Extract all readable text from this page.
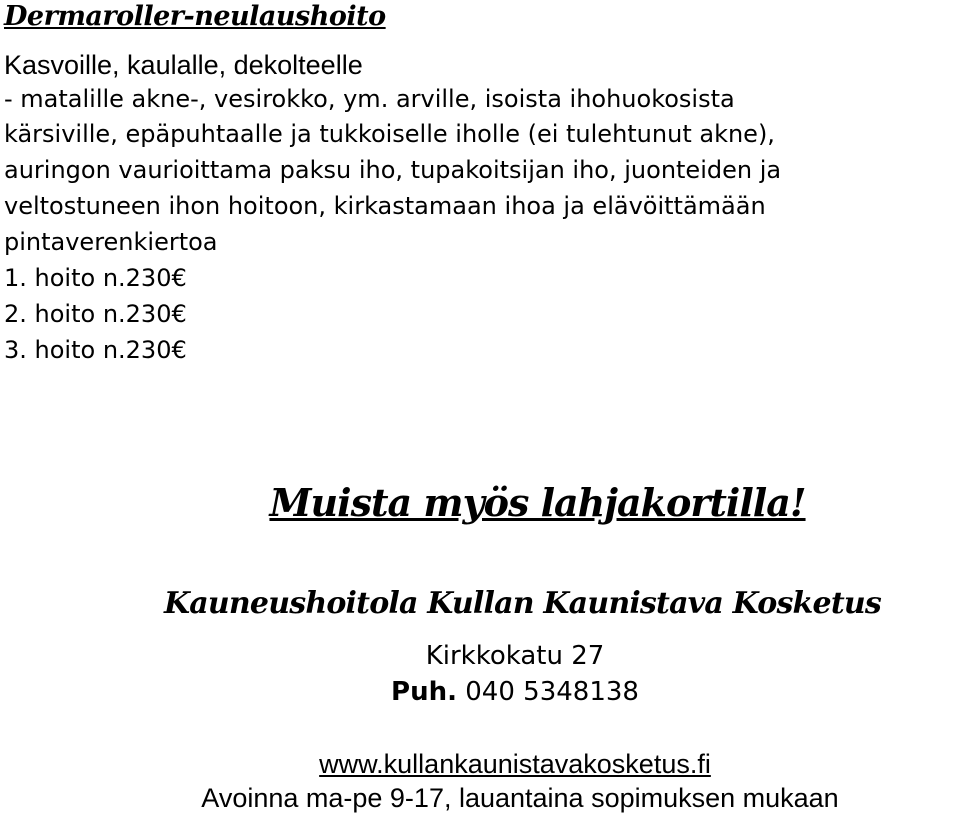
Dermaroller-neulaushoito
Kasvoille, kaulalle, dekolteelle
- matalille akne-, vesirokko, ym. arville, isoista ihohuokosista
kärsiville, epäpuhtaalle ja tukkoiselle iholle (ei tulehtunut akne),
auringon vaurioittama paksu iho, tupakoitsijan iho, juonteiden ja
veltostuneen ihon hoitoon, kirkastamaan ihoa ja elävöittämään
pintaverenkiertoa
1. hoito n.230€
2. hoito n.230€
3. hoito n.230€
Muista myös lahjakortilla!
Kauneushoitola Kullan Kaunistava Kosketus
Kirkkokatu 27
Puh. 040 5348138
www.kullankaunistavakosketus.fi
Avoinna ma-pe 9-17, lauantaina sopimuksen mukaan
